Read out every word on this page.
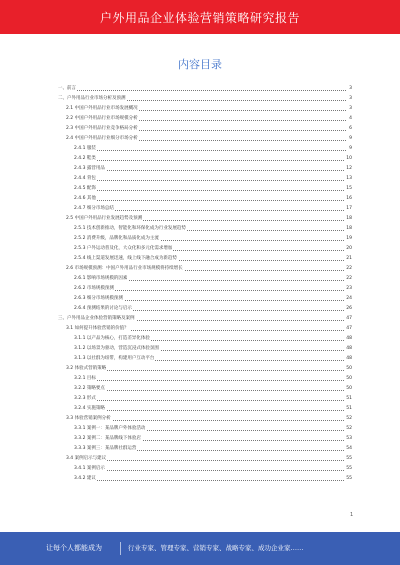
户外用品企业体验营销策略研究报告
内容目录
一、前言	3
二、户外用品行业市场分析及预测	3
2.1 中国户外用品行业市场发展概况	3
2.2 中国户外用品行业市场规模分析	4
2.3 中国户外用品行业竞争格局分析	6
2.4 中国户外用品行业细分市场分析	9
2.4.1 服装	9
2.4.2 鞋类	10
2.4.3 露营用品	12
2.4.4 背包	13
2.4.5 配饰	15
2.4.6 其他	16
2.4.7 细分市场总结	17
2.5 中国户外用品行业发展趋势及预测	18
2.5.1 技术创新推动，智能化和环保化成为行业发展趋势	18
2.5.2 消费升级，品牌化和品质化成为主流	19
2.5.3 户外运动普及化，大众化和多元化需求增加	20
2.5.4 线上渠道发展迅速，线上线下融合成为新趋势	21
2.6 市场规模预测：中国户外用品行业市场规模将持续增长	22
2.6.1 影响市场规模的因素	22
2.6.2 市场规模预测	23
2.6.3 细分市场规模预测	24
2.6.4 预测结果的讨论与启示	26
三、户外用品企业体验营销策略及案例	47
3.1 如何提升体验营销的价值？	47
3.1.1 以产品为核心，打造差异化体验	48
3.1.2 以场景为驱动，营造沉浸式体验氛围	48
3.1.3 以社群为纽带，构建用户互动平台	48
3.2 体验式营销策略	50
3.2.1 目标	50
3.2.2 策略要点	50
3.2.3 形式	51
3.2.4 实施策略	51
3.3 体验营销案例分析	52
3.3.1 案例一：某品牌户外体验活动	52
3.3.2 案例二：某品牌线下体验店	53
3.3.3 案例三：某品牌社群运营	54
3.4 案例启示与建议	55
3.4.1 案例启示	55
3.4.2 建议	55
1
让每个人都能成为	行业专家、管理专家、营销专家、战略专家、成功企业家……
